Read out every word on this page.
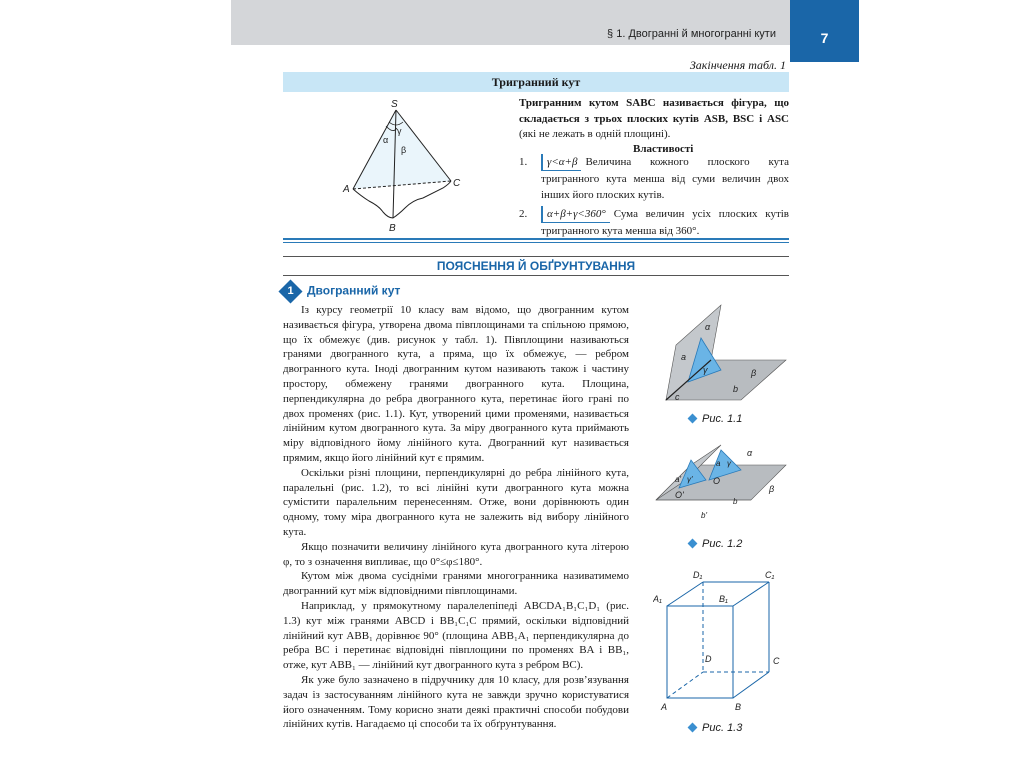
§ 1. Двогранні й многогранні кути	7
Закінчення табл. 1
Тригранний кут
S
γ
α
β
A
C
B
Тригранним кутом SABC називається фігура, що складається з трьох плоских кутів ASB, BSC і ASC (які не лежать в одній площині).
Властивості
1.	γ<α+β Величина кожного плоского кута тригранного кута менша від суми величин двох інших його плоских кутів.
2.	α+β+γ<360° Сума величин усіх плоских кутів тригранного кута менша від 360°.
ПОЯСНЕННЯ Й ОБҐРУНТУВАННЯ
1	Двогранний кут

Із курсу геометрії 10 класу вам відомо, що двогранним кутом називається фігура, утворена двома півплощинами та спільною прямою, що їх обмежує (див. рисунок у табл. 1). Півплощини називаються гранями двогранного кута, а пряма, що їх обмежує, — ребром двогранного кута. Іноді двогранним кутом називають також і частину простору, обмежену гранями двогранного кута. Площина, перпендикулярна до ребра двогранного кута, перетинає його грані по двох променях (рис. 1.1). Кут, утворений цими променями, називається лінійним кутом двогранного кута. За міру двогранного кута приймають міру відповідного йому лінійного кута. Двогранний кут називається прямим, якщо його лінійний кут є прямим.

Оскільки різні площини, перпендикулярні до ребра лінійного кута, паралельні (рис. 1.2), то всі лінійні кути двогранного кута можна сумістити паралельним перенесенням. Отже, вони дорівнюють один одному, тому міра двогранного кута не залежить від вибору лінійного кута.

Якщо позначити величину лінійного кута двогранного кута літерою φ, то з означення випливає, що 0°≤φ≤180°.

Кутом між двома сусідніми гранями многогранника називатимемо двогранний кут між відповідними півплощинами.

Наприклад, у прямокутному паралелепіпеді ABCDA₁B₁C₁D₁ (рис. 1.3) кут між гранями ABCD і BB₁C₁C прямий, оскільки відповідний лінійний кут ABB₁ дорівнює 90° (площина ABB₁A₁ перпендикулярна до ребра BC і перетинає відповідні півплощини по променях BA і BB₁, отже, кут ABB₁ — лінійний кут двогранного кута з ребром BC).

Як уже було зазначено в підручнику для 10 класу, для розв’язування задач із застосуванням лінійного кута не завжди зручно користуватися його означенням. Тому корисно знати деякі практичні способи побудови лінійних кутів. Нагадаємо ці способи та їх обґрунтування.

α
a
γ	β
b
c
Рис. 1.1
α
a γ
a' γ' O
O'
β
b
b'
Рис. 1.2
D₁	C₁
A₁	B₁
D	C
A	B
Рис. 1.3
